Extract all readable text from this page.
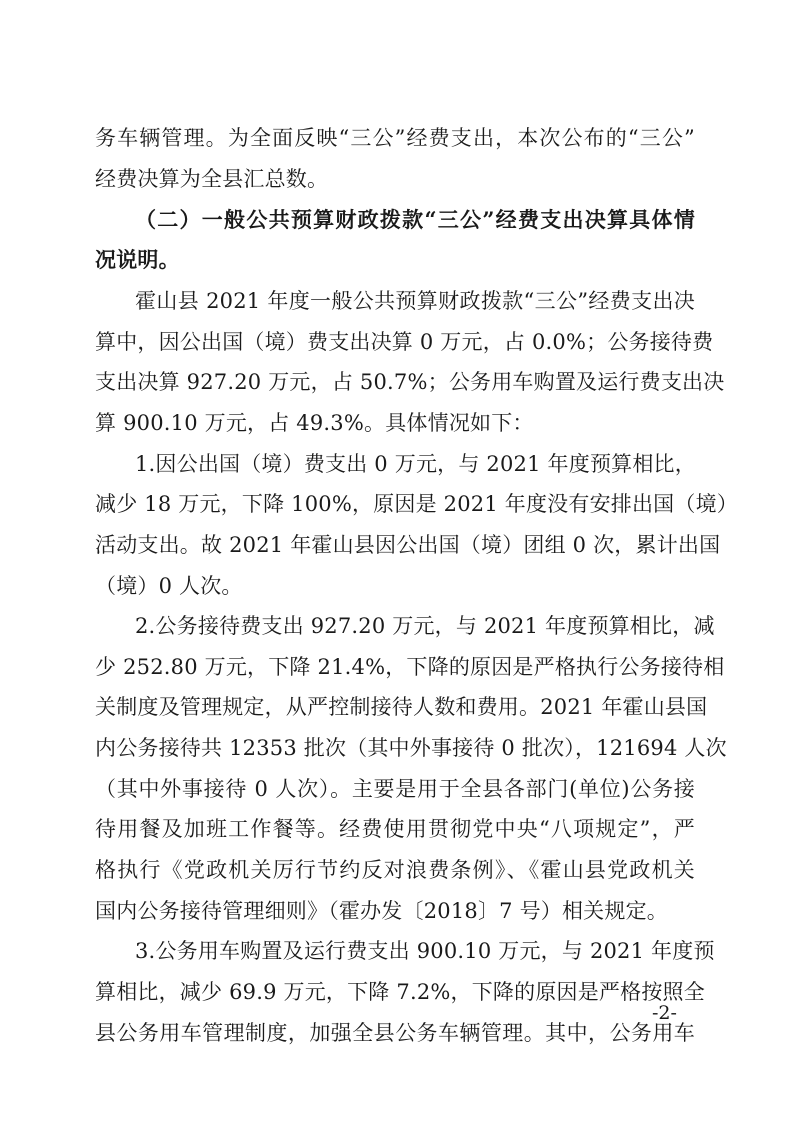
务车辆管理。为全面反映“三公”经费支出，本次公布的“三公”
经费决算为全县汇总数。
（二）一般公共预算财政拨款“三公”经费支出决算具体情
况说明。
霍山县 2021 年度一般公共预算财政拨款“三公”经费支出决
算中，因公出国（境）费支出决算 0 万元，占 0.0%；公务接待费
支出决算 927.20 万元，占 50.7%；公务用车购置及运行费支出决
算 900.10 万元，占 49.3%。具体情况如下：
1.因公出国（境）费支出 0 万元，与 2021 年度预算相比，
减少 18 万元，下降 100%，原因是 2021 年度没有安排出国（境）
活动支出。故 2021 年霍山县因公出国（境）团组 0 次，累计出国
（境）0 人次。
2.公务接待费支出 927.20 万元，与 2021 年度预算相比，减
少 252.80 万元，下降 21.4%，下降的原因是严格执行公务接待相
关制度及管理规定，从严控制接待人数和费用。2021 年霍山县国
内公务接待共 12353 批次（其中外事接待 0 批次），121694 人次
（其中外事接待 0 人次）。主要是用于全县各部门(单位)公务接
待用餐及加班工作餐等。经费使用贯彻党中央“八项规定”，严
格执行《党政机关厉行节约反对浪费条例》、《霍山县党政机关
国内公务接待管理细则》（霍办发〔2018〕7 号）相关规定。
3.公务用车购置及运行费支出 900.10 万元，与 2021 年度预
算相比，减少 69.9 万元，下降 7.2%，下降的原因是严格按照全
县公务用车管理制度，加强全县公务车辆管理。其中，公务用车
-2-
